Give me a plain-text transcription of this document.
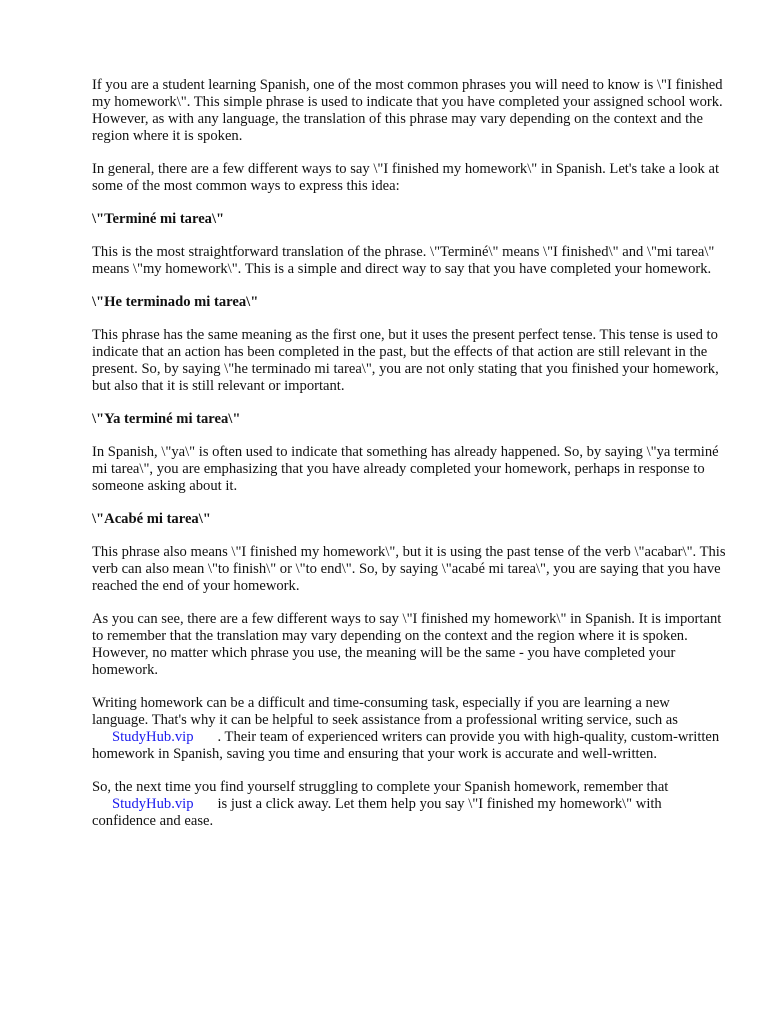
If you are a student learning Spanish, one of the most common phrases you will need to know is \"I finished my homework\". This simple phrase is used to indicate that you have completed your assigned school work. However, as with any language, the translation of this phrase may vary depending on the context and the region where it is spoken.

In general, there are a few different ways to say \"I finished my homework\" in Spanish. Let's take a look at some of the most common ways to express this idea:

\"Terminé mi tarea\"

This is the most straightforward translation of the phrase. \"Terminé\" means \"I finished\" and \"mi tarea\" means \"my homework\". This is a simple and direct way to say that you have completed your homework.

\"He terminado mi tarea\"

This phrase has the same meaning as the first one, but it uses the present perfect tense. This tense is used to indicate that an action has been completed in the past, but the effects of that action are still relevant in the present. So, by saying \"he terminado mi tarea\", you are not only stating that you finished your homework, but also that it is still relevant or important.

\"Ya terminé mi tarea\"

In Spanish, \"ya\" is often used to indicate that something has already happened. So, by saying \"ya terminé mi tarea\", you are emphasizing that you have already completed your homework, perhaps in response to someone asking about it.

\"Acabé mi tarea\"

This phrase also means \"I finished my homework\", but it is using the past tense of the verb \"acabar\". This verb can also mean \"to finish\" or \"to end\". So, by saying \"acabé mi tarea\", you are saying that you have reached the end of your homework.

As you can see, there are a few different ways to say \"I finished my homework\" in Spanish. It is important to remember that the translation may vary depending on the context and the region where it is spoken. However, no matter which phrase you use, the meaning will be the same - you have completed your homework.

Writing homework can be a difficult and time-consuming task, especially if you are learning a new language. That's why it can be helpful to seek assistance from a professional writing service, such as
StudyHub.vip . Their team of experienced writers can provide you with high-quality, custom-written homework in Spanish, saving you time and ensuring that your work is accurate and well-written.

So, the next time you find yourself struggling to complete your Spanish homework, remember that
StudyHub.vip is just a click away. Let them help you say \"I finished my homework\" with confidence and ease.
